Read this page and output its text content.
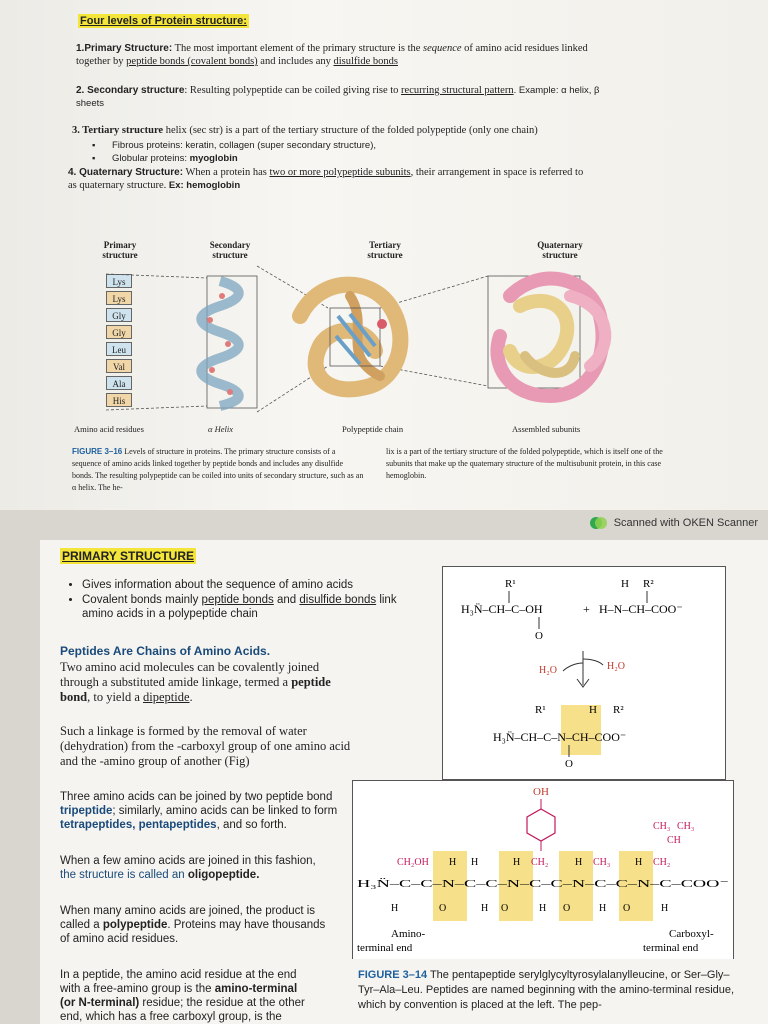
Four levels of Protein structure:
1.Primary Structure: The most important element of the primary structure is the sequence of amino acid residues linked
together by peptide bonds (covalent bonds) and includes any disulfide bonds
2. Secondary structure: Resulting polypeptide can be coiled giving rise to recurring structural pattern. Example: α helix, β
sheets
3. Tertiary structure helix (sec str) is a part of the tertiary structure of the folded polypeptide (only one chain)
▪ Fibrous proteins: keratin, collagen (super secondary structure),
▪ Globular proteins: myoglobin
4. Quaternary Structure: When a protein has two or more polypeptide subunits, their arrangement in space is referred to
as quaternary structure. Ex: hemoglobin
Primary structure
Secondary structure
Tertiary structure
Quaternary structure
Lys
Lys
Gly
Gly
Leu
Val
Ala
His
Amino acid residues	α Helix	Polypeptide chain	Assembled subunits
FIGURE 3–16 Levels of structure in proteins. The primary structure consists of a sequence of amino acids linked together by peptide bonds and includes any disulfide bonds. The resulting polypeptide can be coiled into units of secondary structure, such as an α helix. The he-
lix is a part of the tertiary structure of the folded polypeptide, which is itself one of the subunits that make up the quaternary structure of the multisubunit protein, in this case hemoglobin.
Scanned with OKEN Scanner
PRIMARY STRUCTURE
• Gives information about the sequence of amino acids
• Covalent bonds mainly peptide bonds and disulfide bonds link amino acids in a polypeptide chain
Peptides Are Chains of Amino Acids.
Two amino acid molecules can be covalently joined
through a substituted amide linkage, termed a peptide
bond, to yield a dipeptide.
Such a linkage is formed by the removal of water
(dehydration) from the -carboxyl group of one amino acid
and the -amino group of another (Fig)
Three amino acids can be joined by two peptide bond
tripeptide; similarly, amino acids can be linked to form
tetrapeptides, pentapeptides, and so forth.
When a few amino acids are joined in this fashion,
the structure is called an oligopeptide.
When many amino acids are joined, the product is
called a polypeptide. Proteins may have thousands
of amino acid residues.
In a peptide, the amino acid residue at the end
with a free-amino group is the amino-terminal
(or N-terminal) residue; the residue at the other
end, which has a free carboxyl group, is the
R¹	H R²
H₃N̈–CH–C–OH	+ H–N–CH–COO⁻
O
H₂O	H₂O
R¹	H R²
H₃N̈–CH–C–N–CH–COO⁻
O
OH
CH₃ CH₃
CH
CH₂OH H H	H CH₂	H CH₃ H CH₂
H₃N̈–C–C–N–C–C–N–C–C–N–C–C–N–C–COO⁻
H	O	H O	H O	H O	H
Amino-
terminal end
Carboxyl-
terminal end
FIGURE 3–14 The pentapeptide serylglycyltyrosylalanylleucine, or Ser–Gly–Tyr–Ala–Leu. Peptides are named beginning with the amino-terminal residue, which by convention is placed at the left. The pep-
